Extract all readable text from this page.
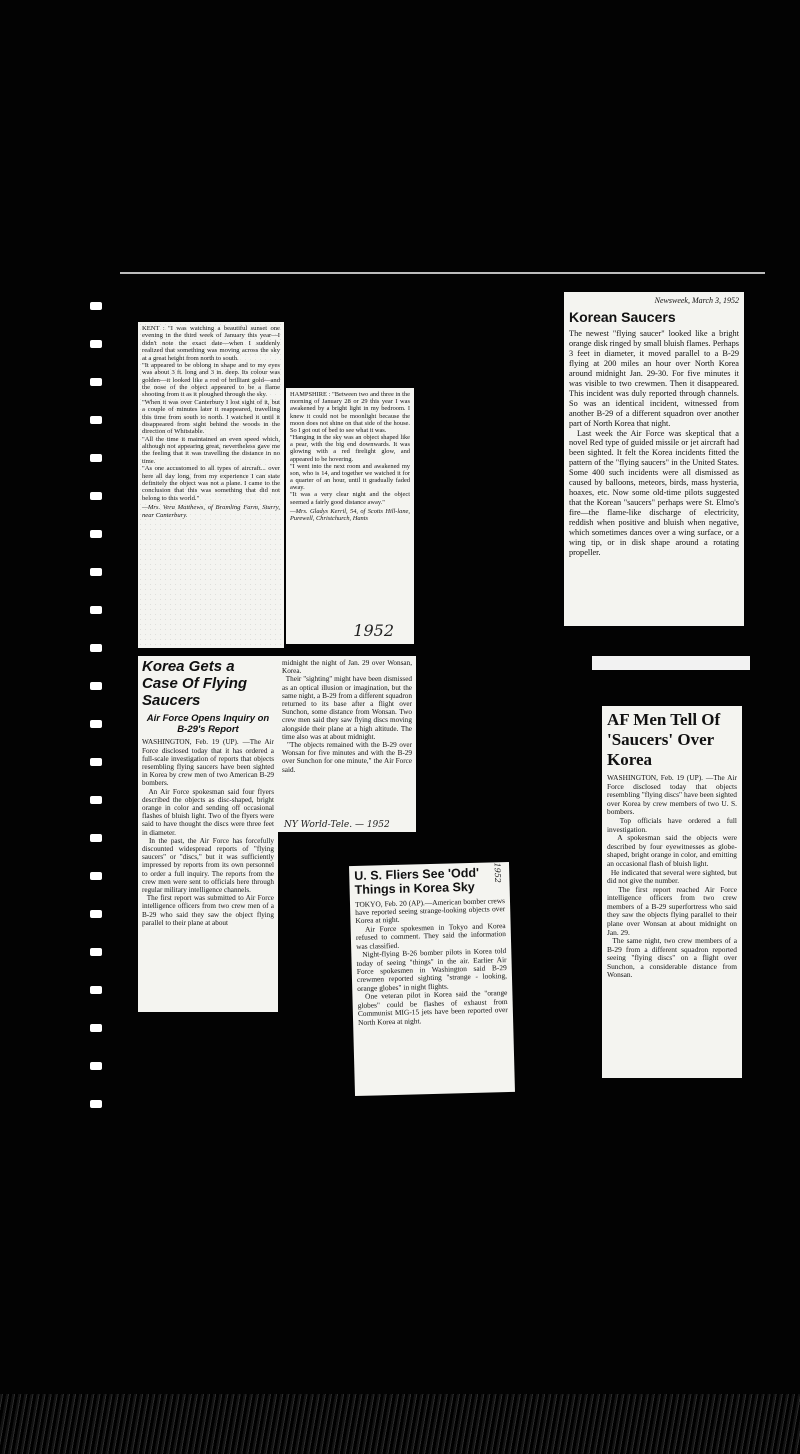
KENT : "I was watching a beautiful sunset one evening in the third week of January this year—I didn't note the exact date—when I suddenly realized that something was moving across the sky at a great height from north to south.
"It appeared to be oblong in shape and to my eyes was about 3 ft. long and 3 in. deep. Its colour was golden—it looked like a rod of brilliant gold—and the nose of the object appeared to be a flame shooting from it as it ploughed through the sky.
"When it was over Canterbury I lost sight of it, but a couple of minutes later it reappeared, travelling this time from south to north. I watched it until it disappeared from sight behind the woods in the direction of Whitstable.
"All the time it maintained an even speed which, although not appearing great, nevertheless gave me the feeling that it was travelling the distance in no time.
"As one accustomed to all types of aircraft... over here all day long, from my experience I can state definitely the object was not a plane. I came to the conclusion that this was something that did not belong to this world."
—Mrs. Vera Matthews, of Bramling Farm, Sturry, near Canterbury.
HAMPSHIRE : "Between two and three in the morning of January 28 or 29 this year I was awakened by a bright light in my bedroom. I knew it could not be moonlight because the moon does not shine on that side of the house. So I got out of bed to see what it was.
"Hanging in the sky was an object shaped like a pear, with the big end downwards. It was glowing with a red firelight glow, and appeared to be hovering.
"I went into the next room and awakened my son, who is 14, and together we watched it for a quarter of an hour, until it gradually faded away.
"It was a very clear night and the object seemed a fairly good distance away."
—Mrs. Gladys Kerril, 54, of Scotts Hill-lane, Purewell, Christchurch, Hants
1952
Newsweek, March 3, 1952
Korean Saucers
The newest "flying saucer" looked like a bright orange disk ringed by small bluish flames. Perhaps 3 feet in diameter, it moved parallel to a B-29 flying at 200 miles an hour over North Korea around midnight Jan. 29-30. For five minutes it was visible to two crewmen. Then it disappeared. This incident was duly reported through channels. So was an identical incident, witnessed from another B-29 of a different squadron over another part of North Korea that night.
Last week the Air Force was skeptical that a novel Red type of guided missile or jet aircraft had been sighted. It felt the Korea incidents fitted the pattern of the "flying saucers" in the United States. Some 400 such incidents were all dismissed as caused by balloons, meteors, birds, mass hysteria, hoaxes, etc. Now some old-time pilots suggested that the Korean "saucers" perhaps were St. Elmo's fire—the flame-like discharge of electricity, reddish when positive and bluish when negative, which sometimes dances over a wing surface, or a wing tip, or in disk shape around a rotating propeller.
Korea Gets a Case Of Flying Saucers
Air Force Opens Inquiry on B-29's Report
WASHINGTON, Feb. 19 (UP). —The Air Force disclosed today that it has ordered a full-scale investigation of reports that objects resembling flying saucers have been sighted in Korea by crew men of two American B-29 bombers.
An Air Force spokesman said four flyers described the objects as disc-shaped, bright orange in color and sending off occasional flashes of bluish light. Two of the flyers were said to have thought the discs were three feet in diameter.
In the past, the Air Force has forcefully discounted widespread reports of "flying saucers" or "discs," but it was sufficiently impressed by reports from its own personnel to order a full inquiry. The reports from the crew men were sent to officials here through regular military intelligence channels.
The first report was submitted to Air Force intelligence officers from two crew men of a B-29 who said they saw the object flying parallel to their plane at about
midnight the night of Jan. 29 over Wonsan, Korea.
Their "sighting" might have been dismissed as an optical illusion or imagination, but the same night, a B-29 from a different squadron returned to its base after a flight over Sunchon, some distance from Wonsan. Two crew men said they saw flying discs moving alongside their plane at a high altitude. The time also was at about midnight.
"The objects remained with the B-29 over Wonsan for five minutes and with the B-29 over Sunchon for one minute," the Air Force said.
NY World-Tele. — 1952
U. S. Fliers See 'Odd' Things in Korea Sky
TOKYO, Feb. 20 (AP).—American bomber crews have reported seeing strange-looking objects over Korea at night.
Air Force spokesmen in Tokyo and Korea refused to comment. They said the information was classified.
Night-flying B-26 bomber pilots in Korea told today of seeing "things" in the air. Earlier Air Force spokesmen in Washington said B-29 crewmen reported sighting "strange - looking, orange globes" in night flights.
One veteran pilot in Korea said the "orange globes" could be flashes of exhaust from Communist MIG-15 jets have been reported over North Korea at night.
1952
AF Men Tell Of 'Saucers' Over Korea
WASHINGTON, Feb. 19 (UP). —The Air Force disclosed today that objects resembling "flying discs" have been sighted over Korea by crew members of two U. S. bombers.
Top officials have ordered a full investigation.
A spokesman said the objects were described by four eyewitnesses as globe-shaped, bright orange in color, and emitting an occasional flash of bluish light.
He indicated that several were sighted, but did not give the number.
The first report reached Air Force intelligence officers from two crew members of a B-29 superfortress who said they saw the objects flying parallel to their plane over Wonsan at about midnight on Jan. 29.
The same night, two crew members of a B-29 from a different squadron reported seeing "flying discs" on a flight over Sunchon, a considerable distance from Wonsan.
